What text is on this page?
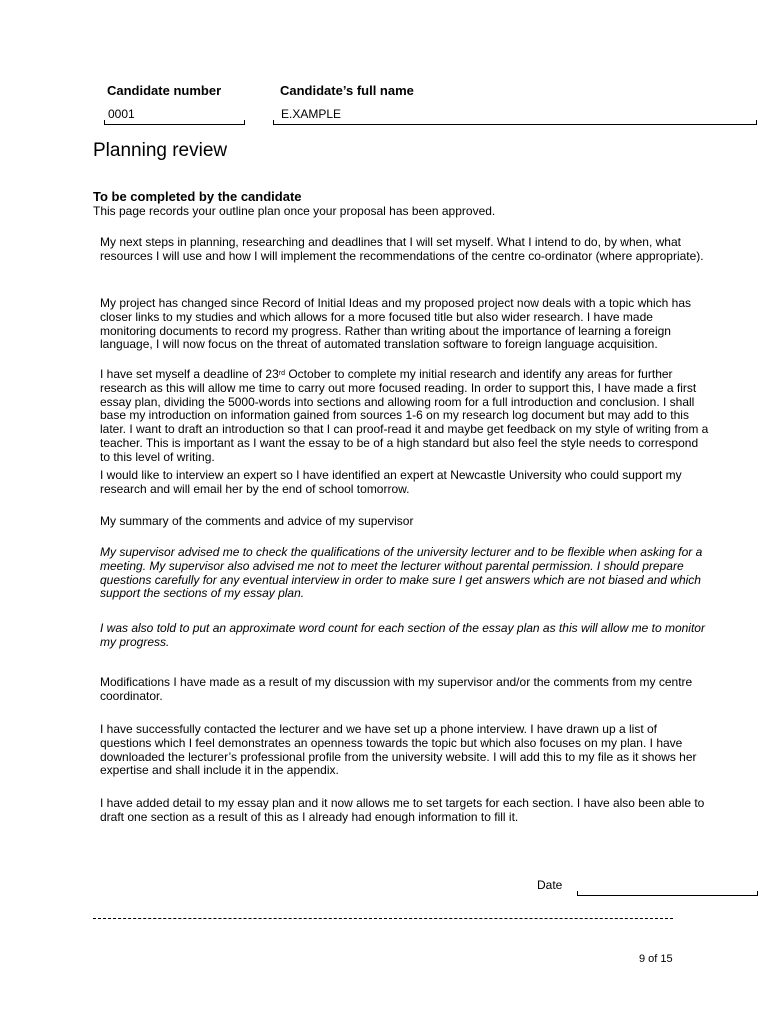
Candidate number
0001
Candidate’s full name
E.XAMPLE
Planning review
To be completed by the candidate
This page records your outline plan once your proposal has been approved.
My next steps in planning, researching and deadlines that I will set myself. What I intend to do, by when, what resources I will use and how I will implement the recommendations of the centre co-ordinator (where appropriate).
My project has changed since Record of Initial Ideas and my proposed project now deals with a topic which has closer links to my studies and which allows for a more focused title but also wider research. I have made monitoring documents to record my progress. Rather than writing about the importance of learning a foreign language, I will now focus on the threat of automated translation software to foreign language acquisition.
I have set myself a deadline of 23rd October to complete my initial research and identify any areas for further research as this will allow me time to carry out more focused reading. In order to support this, I have made a first essay plan, dividing the 5000-words into sections and allowing room for a full introduction and conclusion. I shall base my introduction on information gained from sources 1-6 on my research log document but may add to this later. I want to draft an introduction so that I can proof-read it and maybe get feedback on my style of writing from a teacher. This is important as I want the essay to be of a high standard but also feel the style needs to correspond to this level of writing.
I would like to interview an expert so I have identified an expert at Newcastle University who could support my research and will email her by the end of school tomorrow.
My summary of the comments and advice of my supervisor
My supervisor advised me to check the qualifications of the university lecturer and to be flexible when asking for a meeting. My supervisor also advised me not to meet the lecturer without parental permission. I should prepare questions carefully for any eventual interview in order to make sure I get answers which are not biased and which support the sections of my essay plan.
I was also told to put an approximate word count for each section of the essay plan as this will allow me to monitor my progress.
Modifications I have made as a result of my discussion with my supervisor and/or the comments from my centre coordinator.
I have successfully contacted the lecturer and we have set up a phone interview. I have drawn up a list of questions which I feel demonstrates an openness towards the topic but which also focuses on my plan. I have downloaded the lecturer’s professional profile from the university website. I will add this to my file as it shows her expertise and shall include it in the appendix.
I have added detail to my essay plan and it now allows me to set targets for each section. I have also been able to draft one section as a result of this as I already had enough information to fill it.
Date
9 of 15
